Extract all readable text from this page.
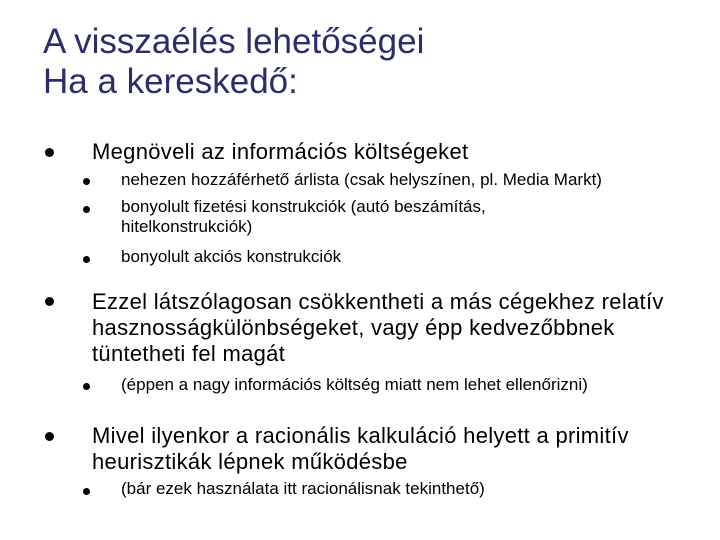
A visszaélés lehetőségei
Ha a kereskedő:
Megnöveli az információs költségeket
nehezen hozzáférhető árlista (csak helyszínen, pl. Media Markt)
bonyolult fizetési konstrukciók (autó beszámítás,
hitelkonstrukciók)
bonyolult akciós konstrukciók
Ezzel látszólagosan csökkentheti a más cégekhez relatív
hasznosságkülönbségeket, vagy épp kedvezőbbnek
tüntetheti fel magát
(éppen a nagy információs költség miatt nem lehet ellenőrizni)
Mivel ilyenkor a racionális kalkuláció helyett a primitív
heurisztikák lépnek működésbe
(bár ezek használata itt racionálisnak tekinthető)
